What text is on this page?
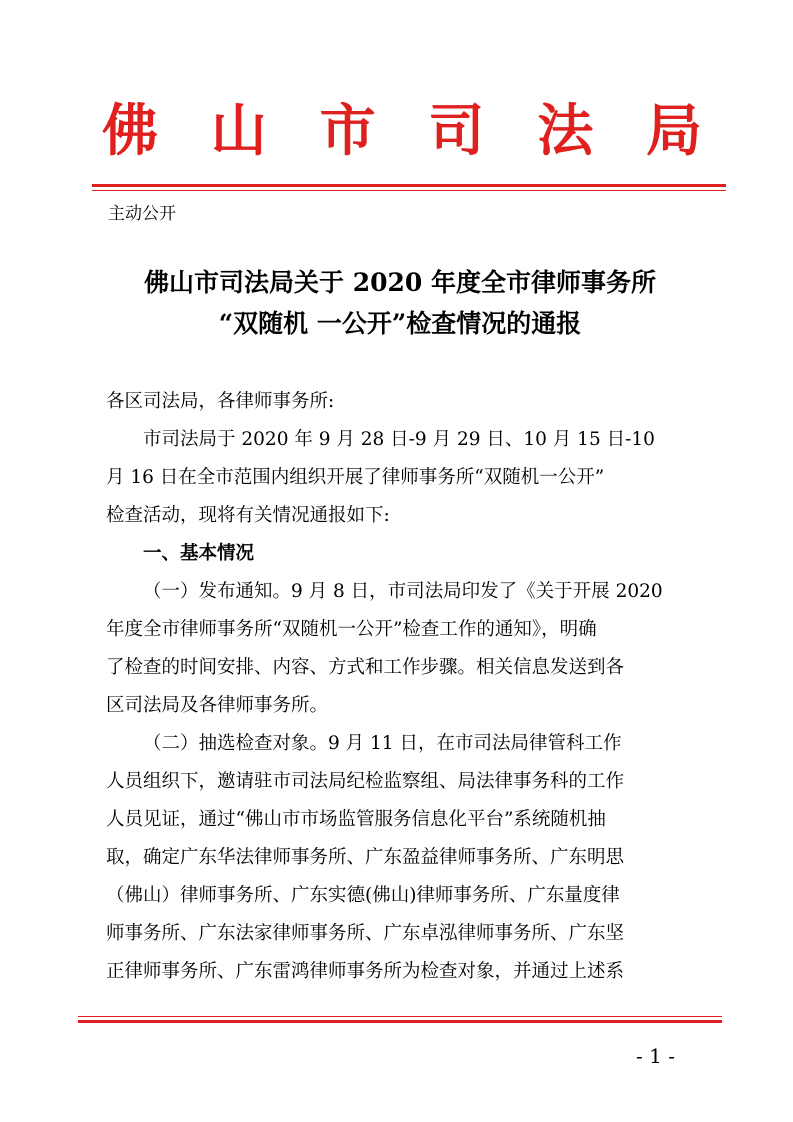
佛 山 市 司 法 局
主动公开
佛山市司法局关于 2020 年度全市律师事务所
“双随机 一公开”检查情况的通报
各区司法局，各律师事务所:
市司法局于 2020 年 9 月 28 日-9 月 29 日、10 月 15 日-10
月 16 日在全市范围内组织开展了律师事务所“双随机一公开”
检查活动，现将有关情况通报如下:
一、基本情况
（一）发布通知。9 月 8 日，市司法局印发了《关于开展 2020
年度全市律师事务所“双随机一公开”检查工作的通知》，明确
了检查的时间安排、内容、方式和工作步骤。相关信息发送到各
区司法局及各律师事务所。
（二）抽选检查对象。9 月 11 日，在市司法局律管科工作
人员组织下，邀请驻市司法局纪检监察组、局法律事务科的工作
人员见证，通过“佛山市市场监管服务信息化平台”系统随机抽
取，确定广东华法律师事务所、广东盈益律师事务所、广东明思
（佛山）律师事务所、广东实德(佛山)律师事务所、广东量度律
师事务所、广东法家律师事务所、广东卓泓律师事务所、广东坚
正律师事务所、广东雷鸿律师事务所为检查对象，并通过上述系
- 1 -
